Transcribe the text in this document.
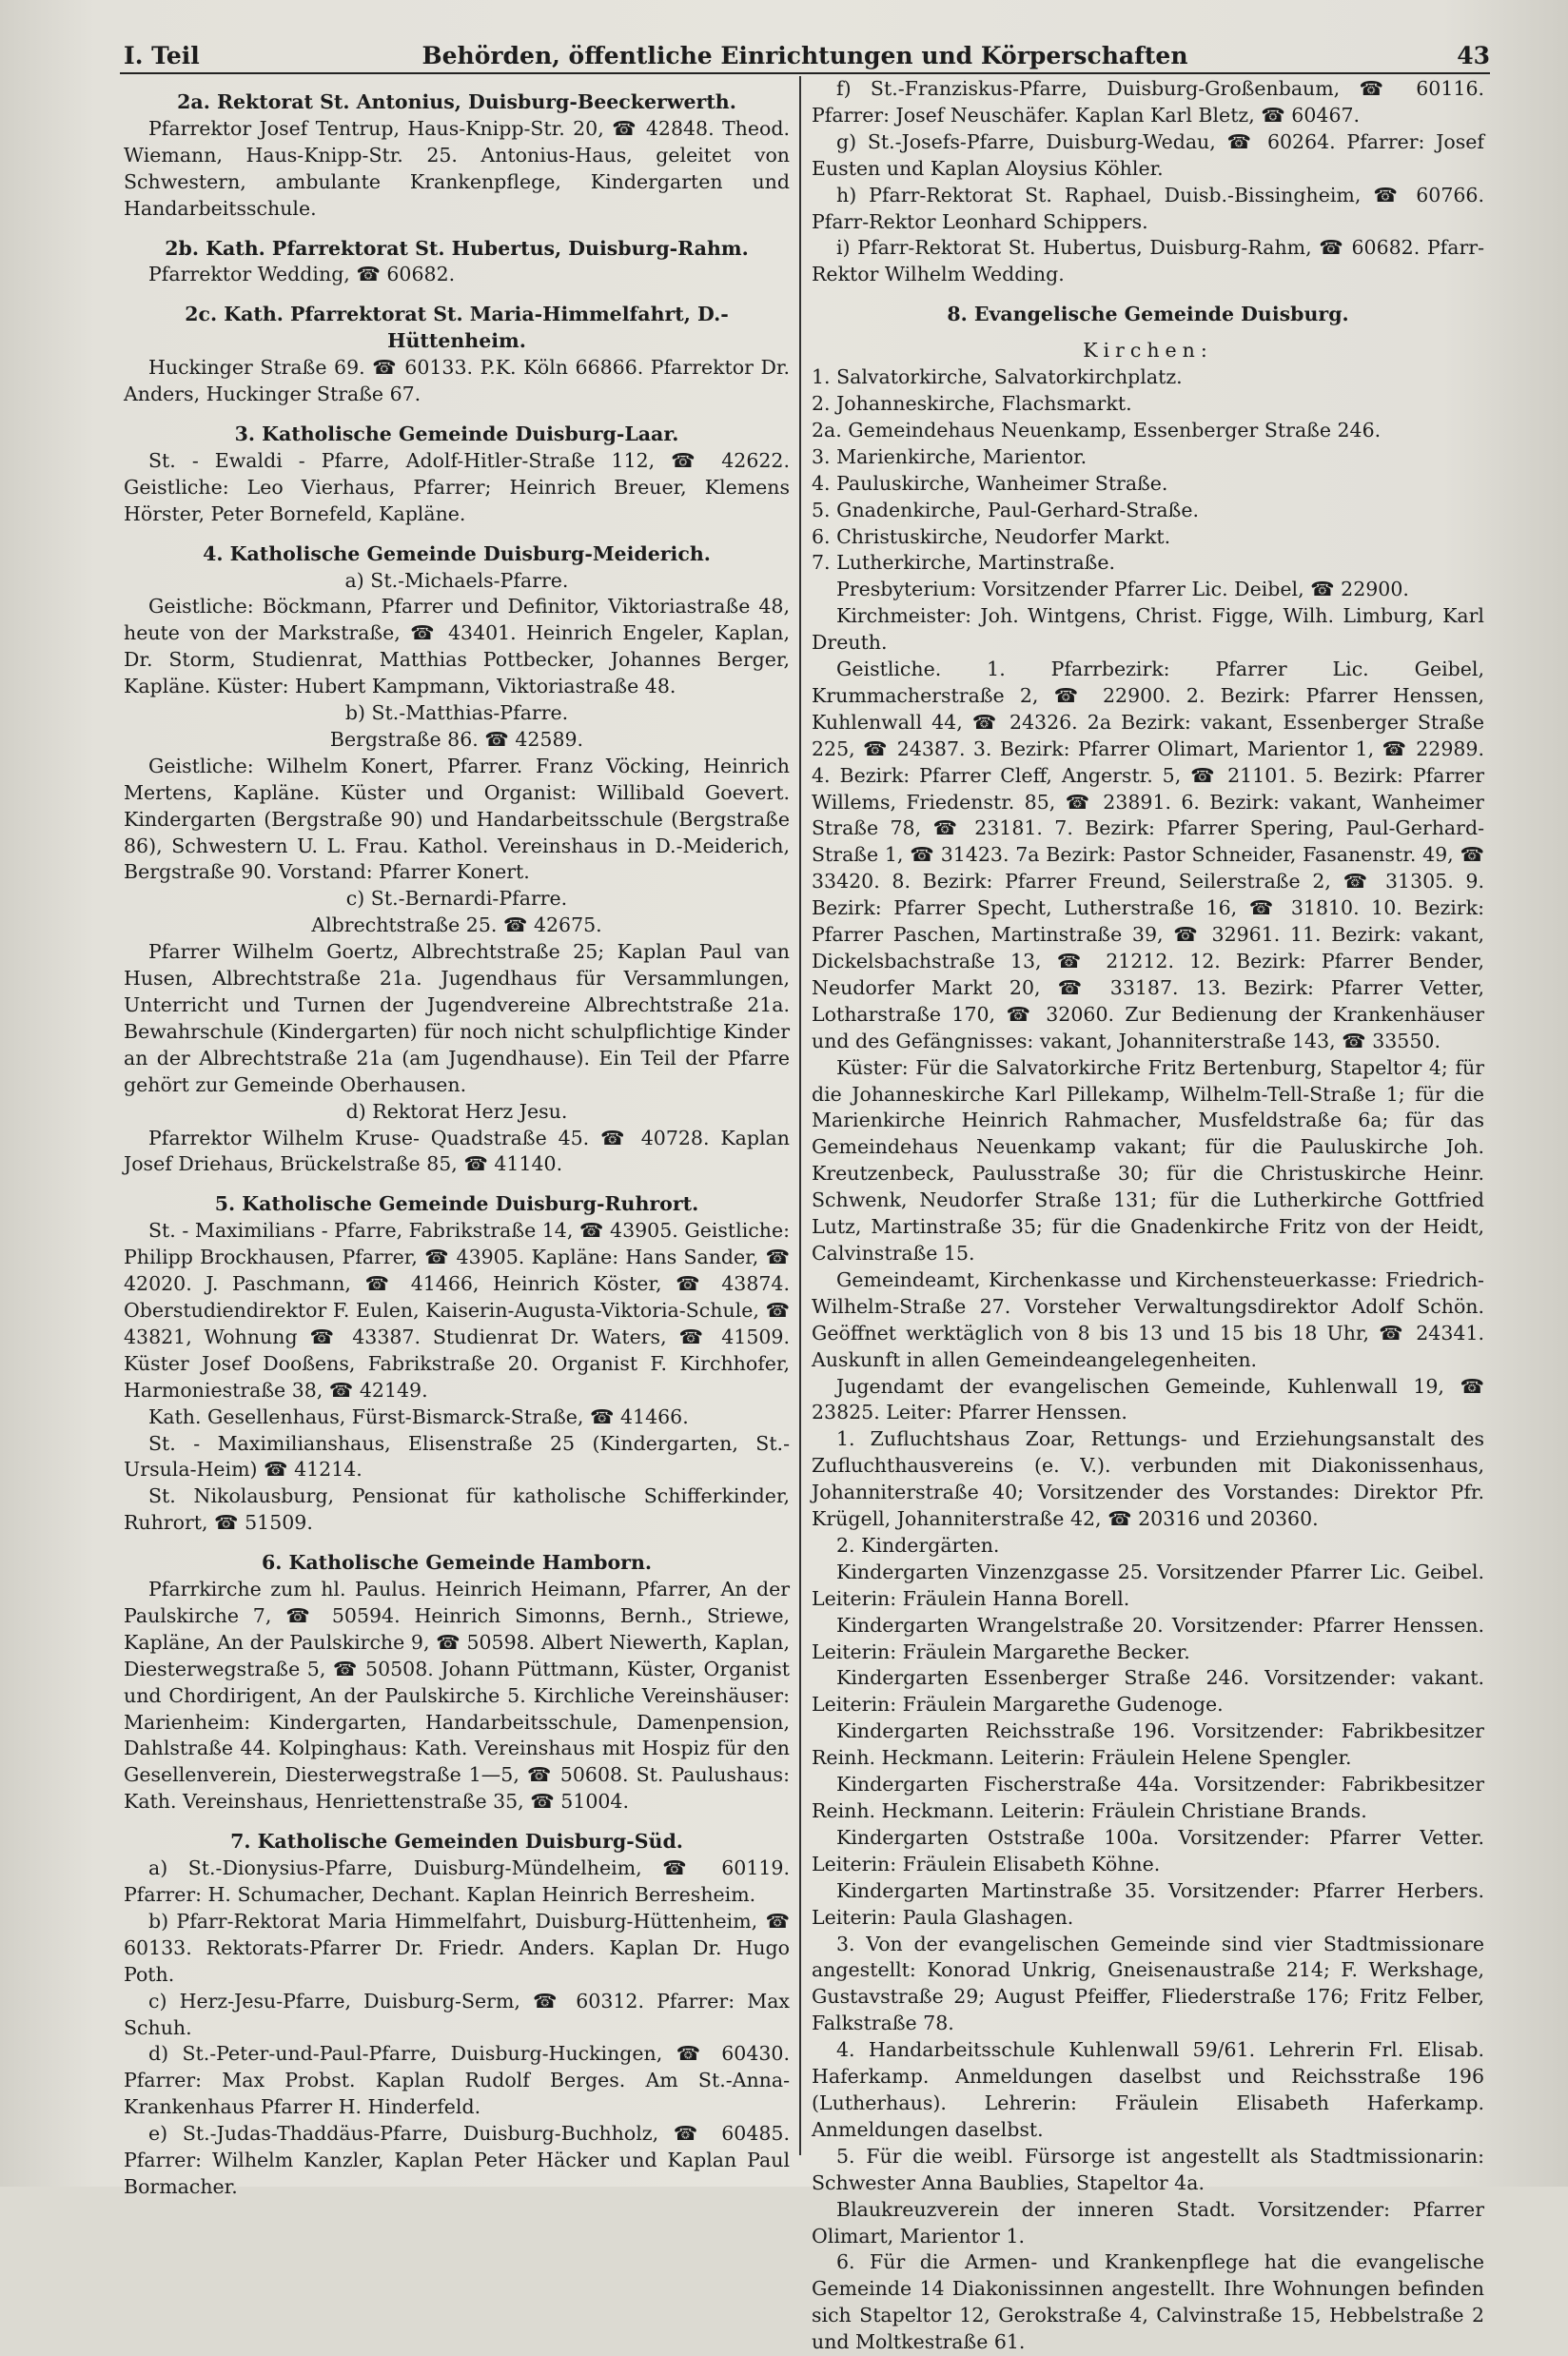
I. Teil	Behörden, öffentliche Einrichtungen und Körperschaften	43

2a. Rektorat St. Antonius, Duisburg-Beeckerwerth.

Pfarrektor Josef Tentrup, Haus-Knipp-Str. 20, ☎ 42848. Theod. Wiemann, Haus-Knipp-Str. 25. Antonius-Haus, geleitet von Schwestern, ambulante Krankenpflege, Kindergarten und Handarbeitsschule.

2b. Kath. Pfarrektorat St. Hubertus, Duisburg-Rahm.

Pfarrektor Wedding, ☎ 60682.

2c. Kath. Pfarrektorat St. Maria-Himmelfahrt, D.-Hüttenheim.

Huckinger Straße 69. ☎ 60133. P.K. Köln 66866. Pfarrektor Dr. Anders, Huckinger Straße 67.

3. Katholische Gemeinde Duisburg-Laar.

St. - Ewaldi - Pfarre, Adolf-Hitler-Straße 112, ☎ 42622. Geistliche: Leo Vierhaus, Pfarrer; Heinrich Breuer, Klemens Hörster, Peter Bornefeld, Kapläne.

4. Katholische Gemeinde Duisburg-Meiderich.

a) St.-Michaels-Pfarre.

Geistliche: Böckmann, Pfarrer und Definitor, Viktoriastraße 48, heute von der Markstraße, ☎ 43401. Heinrich Engeler, Kaplan, Dr. Storm, Studienrat, Matthias Pottbecker, Johannes Berger, Kapläne. Küster: Hubert Kampmann, Viktoriastraße 48.

b) St.-Matthias-Pfarre.

Bergstraße 86. ☎ 42589.

Geistliche: Wilhelm Konert, Pfarrer. Franz Vöcking, Heinrich Mertens, Kapläne. Küster und Organist: Willibald Goevert. Kindergarten (Bergstraße 90) und Handarbeitsschule (Bergstraße 86), Schwestern U. L. Frau. Kathol. Vereinshaus in D.-Meiderich, Bergstraße 90. Vorstand: Pfarrer Konert.

c) St.-Bernardi-Pfarre.

Albrechtstraße 25. ☎ 42675.

Pfarrer Wilhelm Goertz, Albrechtstraße 25; Kaplan Paul van Husen, Albrechtstraße 21a. Jugendhaus für Versammlungen, Unterricht und Turnen der Jugendvereine Albrechtstraße 21a. Bewahrschule (Kindergarten) für noch nicht schulpflichtige Kinder an der Albrechtstraße 21a (am Jugendhause). Ein Teil der Pfarre gehört zur Gemeinde Oberhausen.

d) Rektorat Herz Jesu.

Pfarrektor Wilhelm Kruse- Quadstraße 45. ☎ 40728. Kaplan Josef Driehaus, Brückelstraße 85, ☎ 41140.

5. Katholische Gemeinde Duisburg-Ruhrort.

St. - Maximilians - Pfarre, Fabrikstraße 14, ☎ 43905. Geistliche: Philipp Brockhausen, Pfarrer, ☎ 43905. Kapläne: Hans Sander, ☎ 42020. J. Paschmann, ☎ 41466, Heinrich Köster, ☎ 43874. Oberstudiendirektor F. Eulen, Kaiserin-Augusta-Viktoria-Schule, ☎ 43821, Wohnung ☎ 43387. Studienrat Dr. Waters, ☎ 41509. Küster Josef Dooßens, Fabrikstraße 20. Organist F. Kirchhofer, Harmoniestraße 38, ☎ 42149.

Kath. Gesellenhaus, Fürst-Bismarck-Straße, ☎ 41466.

St. - Maximilianshaus, Elisenstraße 25 (Kindergarten, St.-Ursula-Heim) ☎ 41214.

St. Nikolausburg, Pensionat für katholische Schifferkinder, Ruhrort, ☎ 51509.

6. Katholische Gemeinde Hamborn.

Pfarrkirche zum hl. Paulus. Heinrich Heimann, Pfarrer, An der Paulskirche 7, ☎ 50594. Heinrich Simonns, Bernh., Striewe, Kapläne, An der Paulskirche 9, ☎ 50598. Albert Niewerth, Kaplan, Diesterwegstraße 5, ☎ 50508. Johann Püttmann, Küster, Organist und Chordirigent, An der Paulskirche 5. Kirchliche Vereinshäuser: Marienheim: Kindergarten, Handarbeitsschule, Damenpension, Dahlstraße 44. Kolpinghaus: Kath. Vereinshaus mit Hospiz für den Gesellenverein, Diesterwegstraße 1—5, ☎ 50608. St. Paulushaus: Kath. Vereinshaus, Henriettenstraße 35, ☎ 51004.

7. Katholische Gemeinden Duisburg-Süd.

a) St.-Dionysius-Pfarre, Duisburg-Mündelheim, ☎ 60119. Pfarrer: H. Schumacher, Dechant. Kaplan Heinrich Berresheim.

b) Pfarr-Rektorat Maria Himmelfahrt, Duisburg-Hüttenheim, ☎ 60133. Rektorats-Pfarrer Dr. Friedr. Anders. Kaplan Dr. Hugo Poth.

c) Herz-Jesu-Pfarre, Duisburg-Serm, ☎ 60312. Pfarrer: Max Schuh.

d) St.-Peter-und-Paul-Pfarre, Duisburg-Huckingen, ☎ 60430. Pfarrer: Max Probst. Kaplan Rudolf Berges. Am St.-Anna-Krankenhaus Pfarrer H. Hinderfeld.

e) St.-Judas-Thaddäus-Pfarre, Duisburg-Buchholz, ☎ 60485. Pfarrer: Wilhelm Kanzler, Kaplan Peter Häcker und Kaplan Paul Bormacher.

f) St.-Franziskus-Pfarre, Duisburg-Großenbaum, ☎ 60116. Pfarrer: Josef Neuschäfer. Kaplan Karl Bletz, ☎ 60467.

g) St.-Josefs-Pfarre, Duisburg-Wedau, ☎ 60264. Pfarrer: Josef Eusten und Kaplan Aloysius Köhler.

h) Pfarr-Rektorat St. Raphael, Duisb.-Bissingheim, ☎ 60766. Pfarr-Rektor Leonhard Schippers.

i) Pfarr-Rektorat St. Hubertus, Duisburg-Rahm, ☎ 60682. Pfarr-Rektor Wilhelm Wedding.

8. Evangelische Gemeinde Duisburg.

Kirchen:

1. Salvatorkirche, Salvatorkirchplatz.

2. Johanneskirche, Flachsmarkt.

2a. Gemeindehaus Neuenkamp, Essenberger Straße 246.

3. Marienkirche, Marientor.

4. Pauluskirche, Wanheimer Straße.

5. Gnadenkirche, Paul-Gerhard-Straße.

6. Christuskirche, Neudorfer Markt.

7. Lutherkirche, Martinstraße.

Presbyterium: Vorsitzender Pfarrer Lic. Deibel, ☎ 22900.

Kirchmeister: Joh. Wintgens, Christ. Figge, Wilh. Limburg, Karl Dreuth.

Geistliche. 1. Pfarrbezirk: Pfarrer Lic. Geibel, Krummacherstraße 2, ☎ 22900. 2. Bezirk: Pfarrer Henssen, Kuhlenwall 44, ☎ 24326. 2a Bezirk: vakant, Essenberger Straße 225, ☎ 24387. 3. Bezirk: Pfarrer Olimart, Marientor 1, ☎ 22989. 4. Bezirk: Pfarrer Cleff, Angerstr. 5, ☎ 21101. 5. Bezirk: Pfarrer Willems, Friedenstr. 85, ☎ 23891. 6. Bezirk: vakant, Wanheimer Straße 78, ☎ 23181. 7. Bezirk: Pfarrer Spering, Paul-Gerhard-Straße 1, ☎ 31423. 7a Bezirk: Pastor Schneider, Fasanenstr. 49, ☎ 33420. 8. Bezirk: Pfarrer Freund, Seilerstraße 2, ☎ 31305. 9. Bezirk: Pfarrer Specht, Lutherstraße 16, ☎ 31810. 10. Bezirk: Pfarrer Paschen, Martinstraße 39, ☎ 32961. 11. Bezirk: vakant, Dickelsbachstraße 13, ☎ 21212. 12. Bezirk: Pfarrer Bender, Neudorfer Markt 20, ☎ 33187. 13. Bezirk: Pfarrer Vetter, Lotharstraße 170, ☎ 32060. Zur Bedienung der Krankenhäuser und des Gefängnisses: vakant, Johanniterstraße 143, ☎ 33550.

Küster: Für die Salvatorkirche Fritz Bertenburg, Stapeltor 4; für die Johanneskirche Karl Pillekamp, Wilhelm-Tell-Straße 1; für die Marienkirche Heinrich Rahmacher, Musfeldstraße 6a; für das Gemeindehaus Neuenkamp vakant; für die Pauluskirche Joh. Kreutzenbeck, Paulusstraße 30; für die Christuskirche Heinr. Schwenk, Neudorfer Straße 131; für die Lutherkirche Gottfried Lutz, Martinstraße 35; für die Gnadenkirche Fritz von der Heidt, Calvinstraße 15.

Gemeindeamt, Kirchenkasse und Kirchensteuerkasse: Friedrich-Wilhelm-Straße 27. Vorsteher Verwaltungsdirektor Adolf Schön. Geöffnet werktäglich von 8 bis 13 und 15 bis 18 Uhr, ☎ 24341. Auskunft in allen Gemeindeangelegenheiten.

Jugendamt der evangelischen Gemeinde, Kuhlenwall 19, ☎ 23825. Leiter: Pfarrer Henssen.

1. Zufluchtshaus Zoar, Rettungs- und Erziehungsanstalt des Zufluchthausvereins (e. V.). verbunden mit Diakonissenhaus, Johanniterstraße 40; Vorsitzender des Vorstandes: Direktor Pfr. Krügell, Johanniterstraße 42, ☎ 20316 und 20360.

2. Kindergärten.

Kindergarten Vinzenzgasse 25. Vorsitzender Pfarrer Lic. Geibel. Leiterin: Fräulein Hanna Borell.

Kindergarten Wrangelstraße 20. Vorsitzender: Pfarrer Henssen. Leiterin: Fräulein Margarethe Becker.

Kindergarten Essenberger Straße 246. Vorsitzender: vakant. Leiterin: Fräulein Margarethe Gudenoge.

Kindergarten Reichsstraße 196. Vorsitzender: Fabrikbesitzer Reinh. Heckmann. Leiterin: Fräulein Helene Spengler.

Kindergarten Fischerstraße 44a. Vorsitzender: Fabrikbesitzer Reinh. Heckmann. Leiterin: Fräulein Christiane Brands.

Kindergarten Oststraße 100a. Vorsitzender: Pfarrer Vetter. Leiterin: Fräulein Elisabeth Köhne.

Kindergarten Martinstraße 35. Vorsitzender: Pfarrer Herbers. Leiterin: Paula Glashagen.

3. Von der evangelischen Gemeinde sind vier Stadtmissionare angestellt: Konorad Unkrig, Gneisenaustraße 214; F. Werkshage, Gustavstraße 29; August Pfeiffer, Fliederstraße 176; Fritz Felber, Falkstraße 78.

4. Handarbeitsschule Kuhlenwall 59/61. Lehrerin Frl. Elisab. Haferkamp. Anmeldungen daselbst und Reichsstraße 196 (Lutherhaus). Lehrerin: Fräulein Elisabeth Haferkamp. Anmeldungen daselbst.

5. Für die weibl. Fürsorge ist angestellt als Stadtmissionarin: Schwester Anna Baublies, Stapeltor 4a.

Blaukreuzverein der inneren Stadt. Vorsitzender: Pfarrer Olimart, Marientor 1.

6. Für die Armen- und Krankenpflege hat die evangelische Gemeinde 14 Diakonissinnen angestellt. Ihre Wohnungen befinden sich Stapeltor 12, Gerokstraße 4, Calvinstraße 15, Hebbelstraße 2 und Moltkestraße 61.
